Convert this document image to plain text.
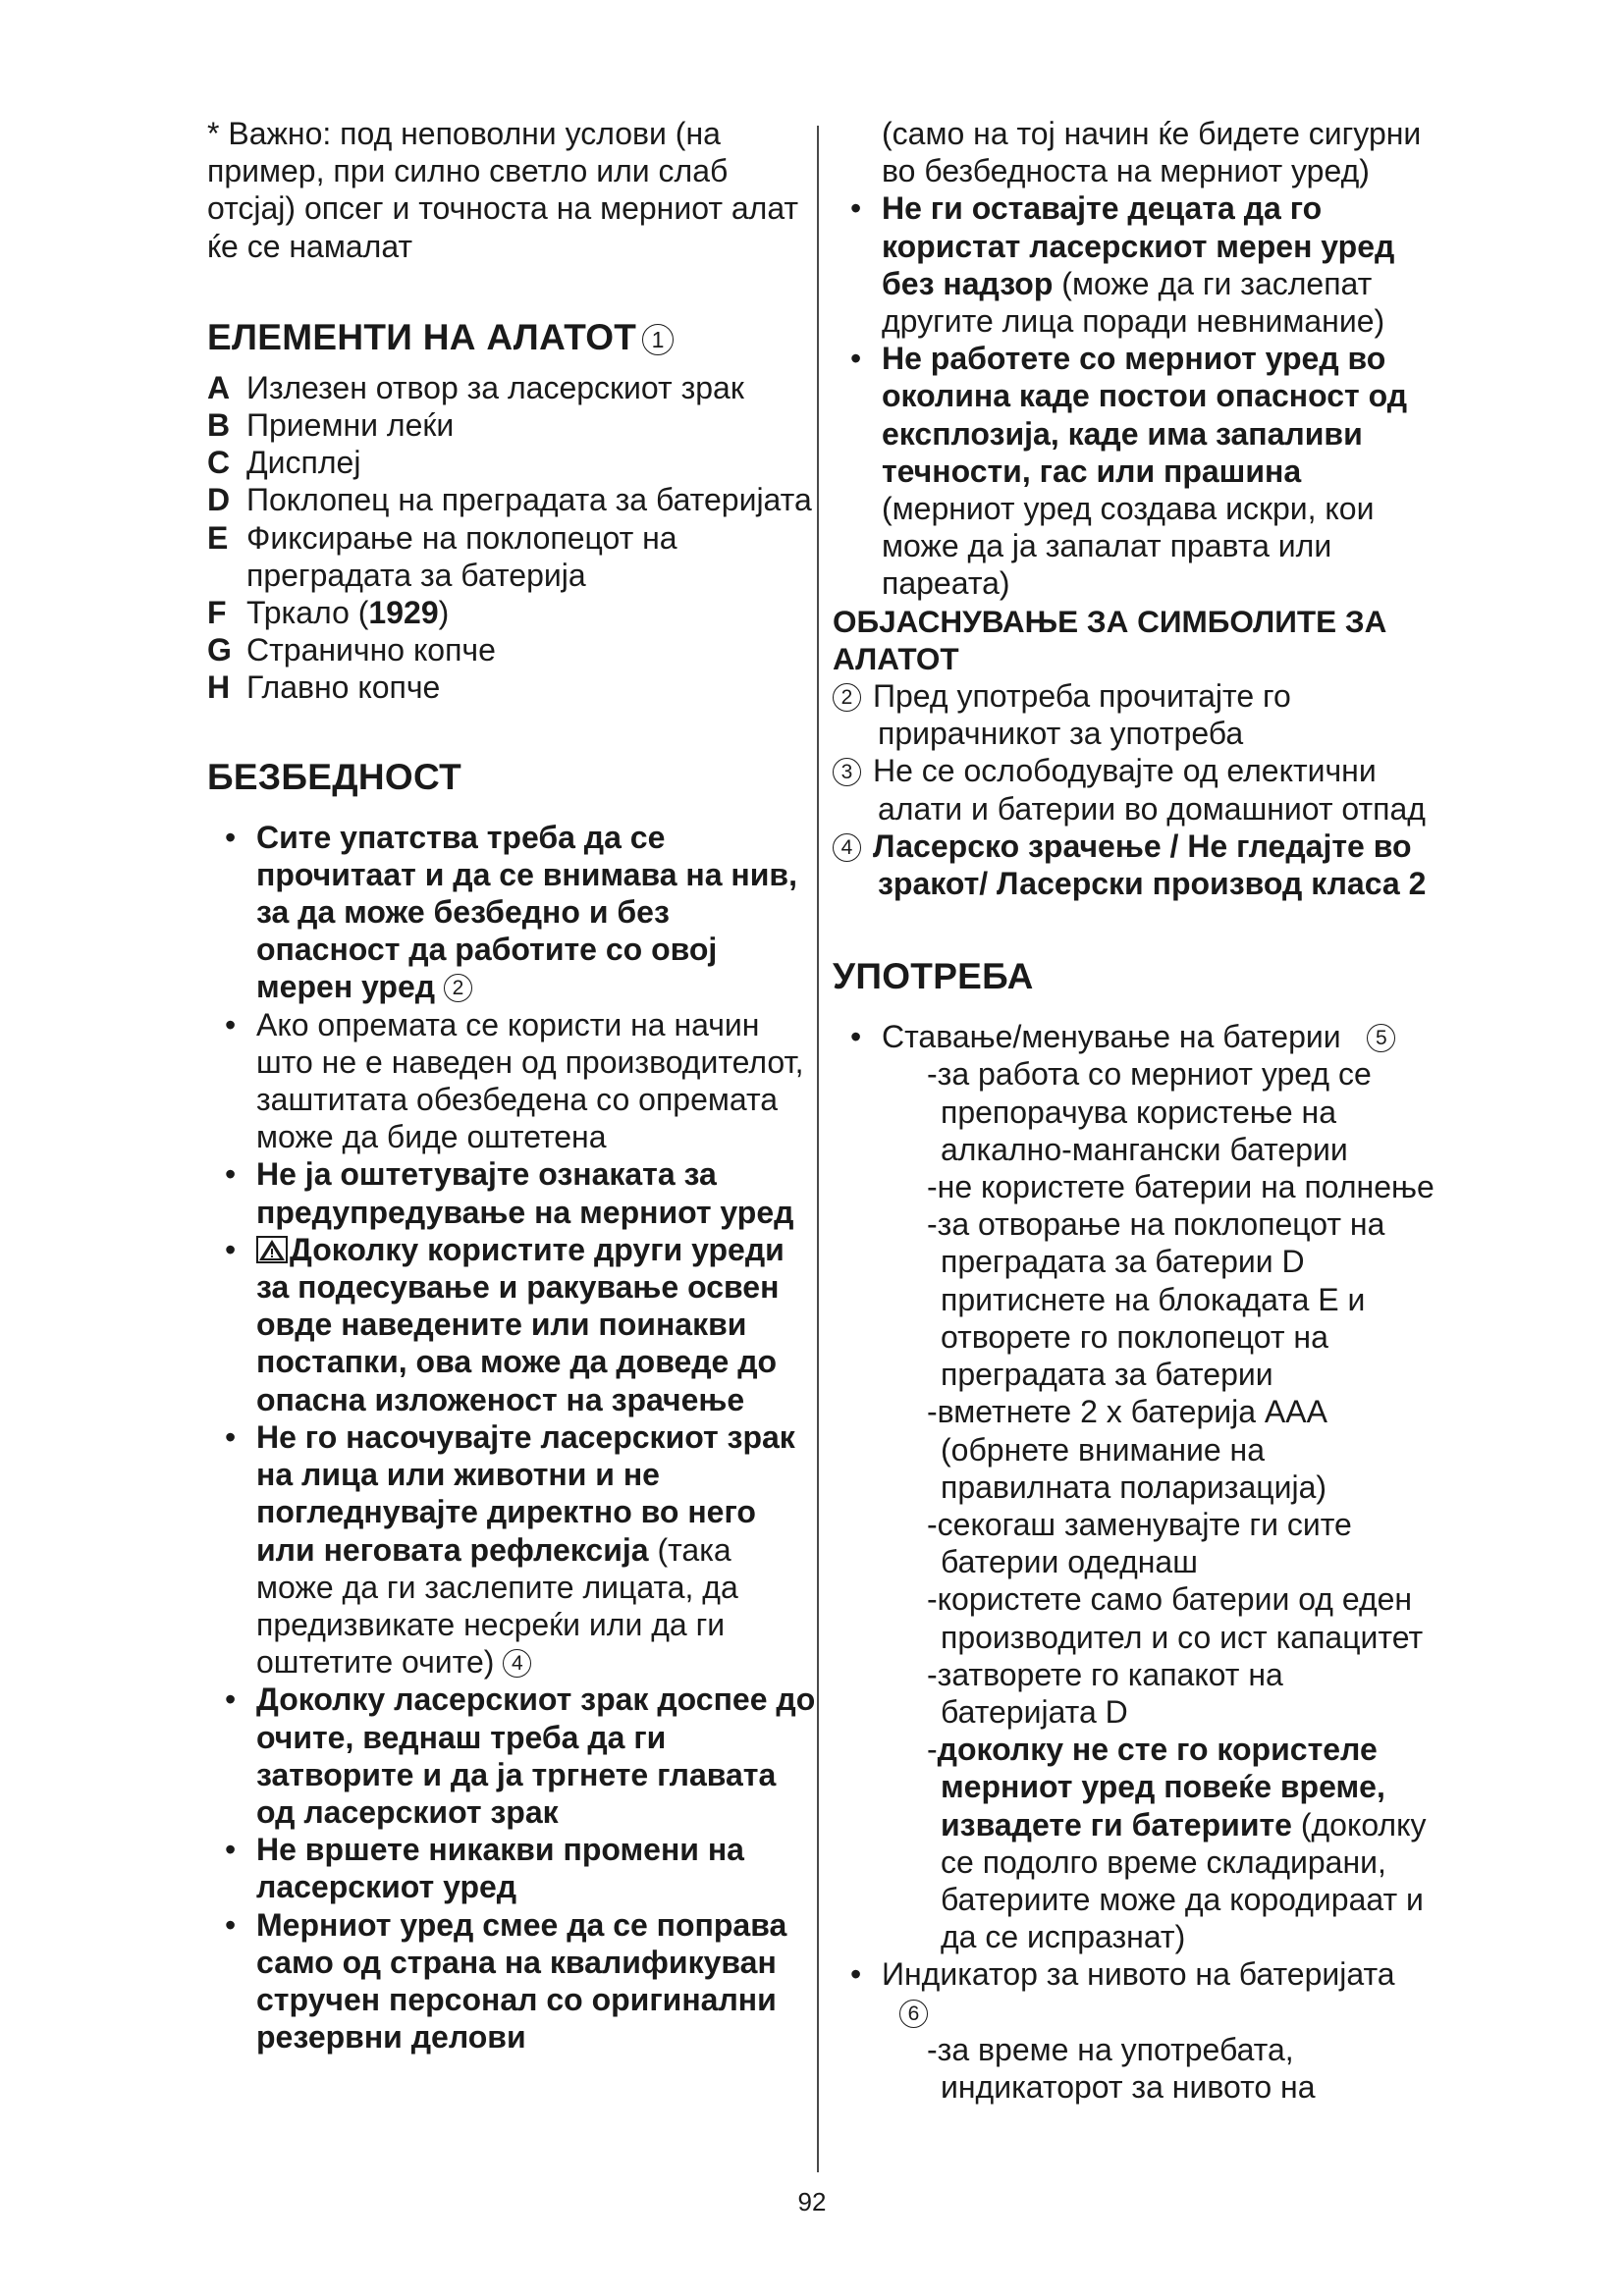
* Важно: под неповолни услови (на пример, при силно светло или слаб отсјај) опсег и точноста на мерниот алат ќе се намалат

ЕЛЕМЕНТИ НА АЛАТОТ 1

A Излезен отвор за ласерскиот зрак

B Приемни леќи

C Дисплеј

D Поклопец на преградата за батеријата

E Фиксирање на поклопецот на преградата за батерија

F Тркало (1929)

G Странично копче

H Главно копче

БЕЗБЕДНОСТ

• Сите упатства треба да се прочитаат и да се внимава на нив, за да може безбедно и без опасност да работите со овој мерен уред 2

• Ако опремата се користи на начин што не е наведен од производителот, заштитата обезбедена со опремата може да биде оштетена

• Не ја оштетувајте ознаката за предупредување на мерниот уред

• Доколку користите други уреди за подесување и ракување освен овде наведените или поинакви постапки, ова може да доведе до опасна изложеност на зрачење

• Не го насочувајте ласерскиот зрак на лица или животни и не погледнувајте директно во него или неговата рефлексија (така може да ги заслепите лицата, да предизвикате несреќи или да ги оштетите очите) 4

• Доколку ласерскиот зрак доспее до очите, веднаш треба да ги затворите и да ја тргнете главата од ласерскиот зрак

• Не вршете никакви промени на ласерскиот уред

• Мерниот уред смее да се поправа само од страна на квалификуван стручен персонал со оригинални резервни делови

(само на тој начин ќе бидете сигурни во безбедноста на мерниот уред)

• Не ги оставајте децата да го користат ласерскиот мерен уред без надзор (може да ги заслепат другите лица поради невнимание)

• Не работете со мерниот уред во околина каде постои опасност од експлозија, каде има запаливи течности, гас или прашина (мерниот уред создава искри, кои може да ја запалат правта или пареата)

ОБЈАСНУВАЊЕ ЗА СИМБОЛИТЕ ЗА АЛАТОТ

2 Пред употреба прочитајте го прирачникот за употреба

3 Не се ослободувајте од електични алати и батерии во домашниот отпад

4 Ласерско зрачење / Не гледајте во зракот/ Ласерски производ класа 2

УПОТРЕБА

• Ставање/менување на батерии 5

-за работа со мерниот уред се препорачува користење на алкално-мангански батерии

-не користете батерии на полнење

-за отворање на поклопецот на преградата за батерии D притиснете на блокадата E и отворете го поклопецот на преградата за батерии

-вметнете 2 x батерија AAA (обрнете внимание на правилната поларизација)

-секогаш заменувајте ги сите батерии одеднаш

-користете само батерии од еден производител и со ист капацитет

-затворете го капакот на батеријата D

-доколку не сте го користеле мерниот уред повеќе време, извадете ги батериите (доколку се подолго време складирани, батериите може да кородираат и да се испразнат)

• Индикатор за нивото на батеријата
6

-за време на употребата, индикаторот за нивото на

92
